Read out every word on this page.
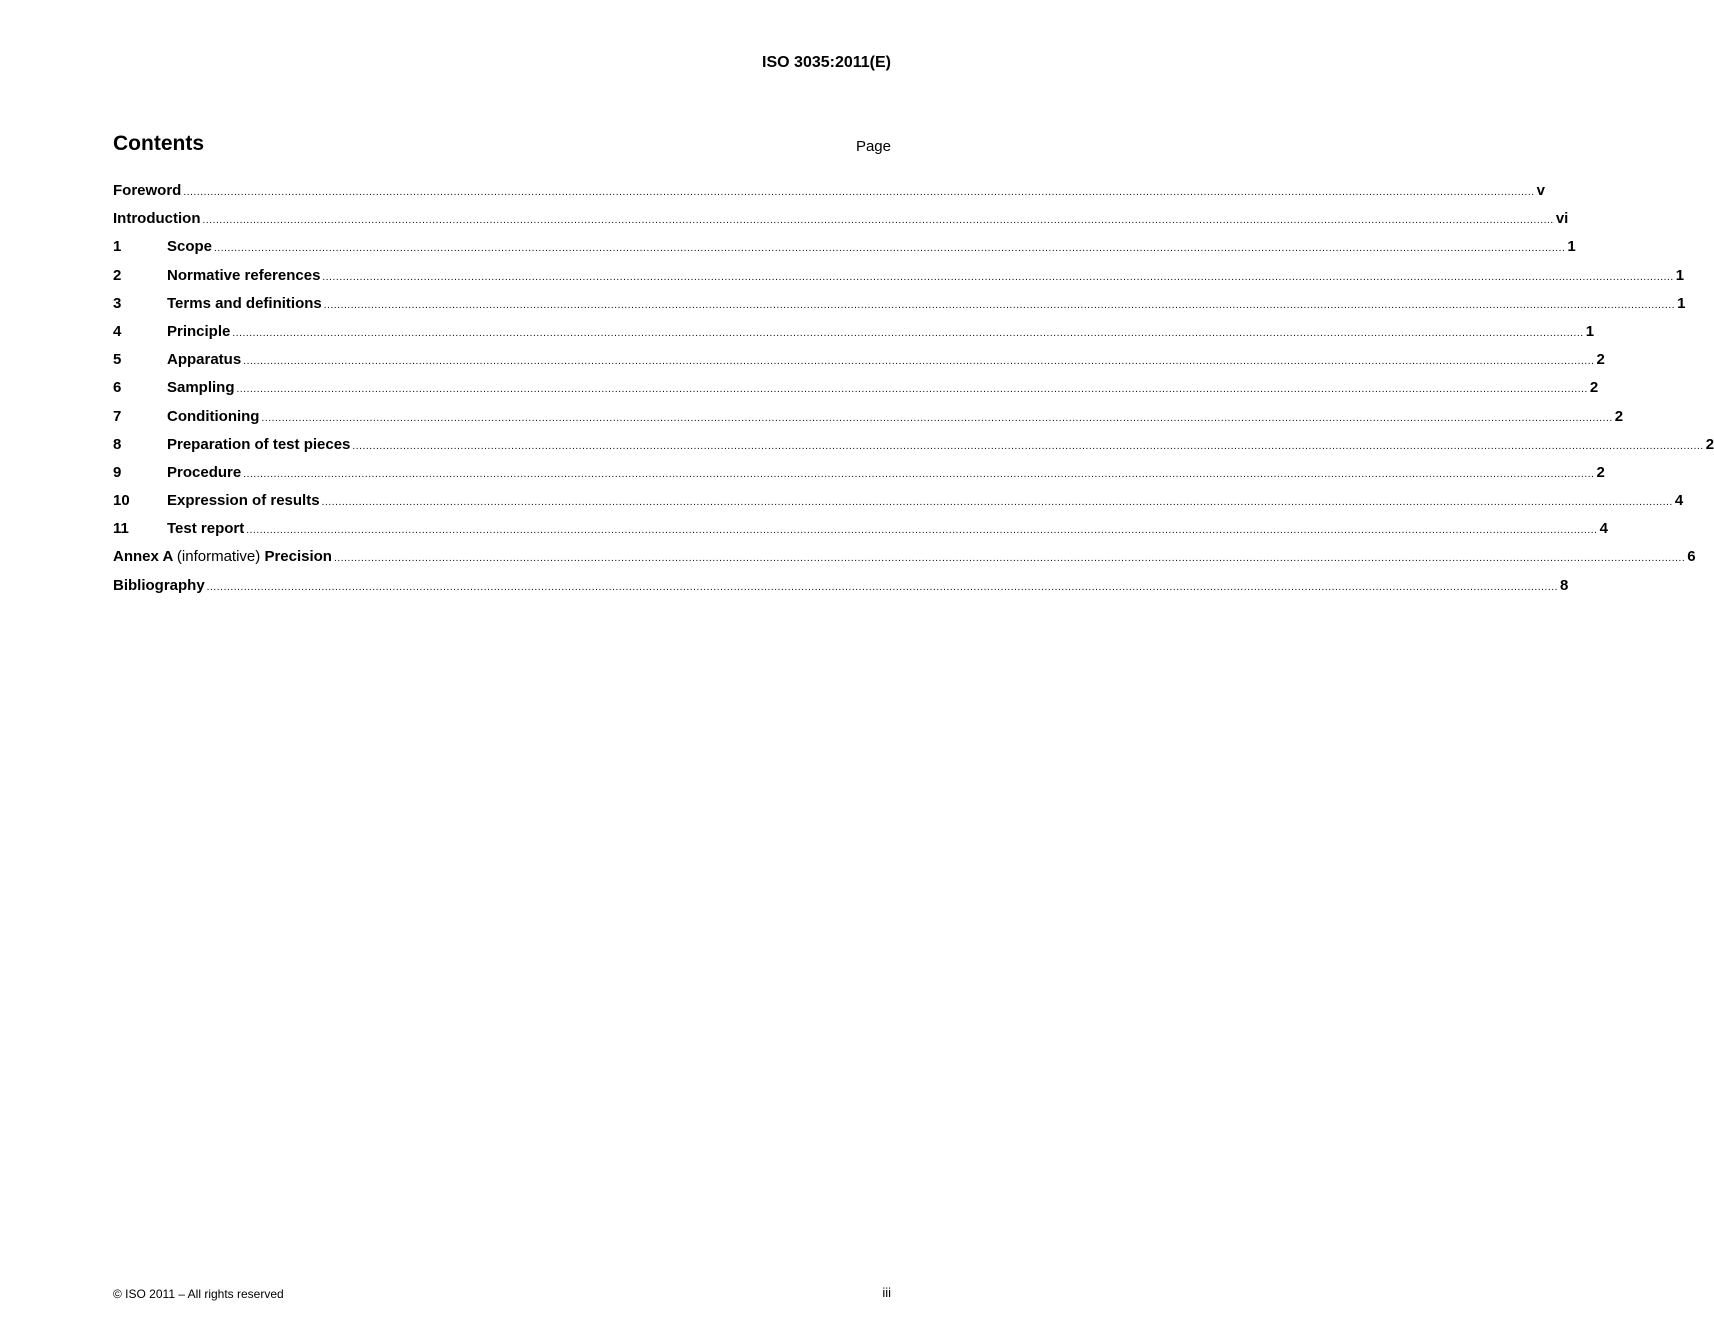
ISO 3035:2011(E)
Contents	Page
Foreword ................................................................................................................................................................................................................................................................................................................................................................................................................ v
Introduction ................................................................................................................................................................................................................................................................................................................................................................................................................ vi
1	Scope ................................................................................................................................................................................................................................................................................................................................................................................................................ 1
2	Normative references ................................................................................................................................................................................................................................................................................................................................................................................................................ 1
3	Terms and definitions ................................................................................................................................................................................................................................................................................................................................................................................................................ 1
4	Principle ................................................................................................................................................................................................................................................................................................................................................................................................................ 1
5	Apparatus ................................................................................................................................................................................................................................................................................................................................................................................................................ 2
6	Sampling ................................................................................................................................................................................................................................................................................................................................................................................................................ 2
7	Conditioning ................................................................................................................................................................................................................................................................................................................................................................................................................ 2
8	Preparation of test pieces ................................................................................................................................................................................................................................................................................................................................................................................................................ 2
9	Procedure ................................................................................................................................................................................................................................................................................................................................................................................................................ 2
10	Expression of results ................................................................................................................................................................................................................................................................................................................................................................................................................ 4
11	Test report ................................................................................................................................................................................................................................................................................................................................................................................................................ 4
Annex A (informative) Precision ................................................................................................................................................................................................................................................................................................................................................................................................................ 6
Bibliography ................................................................................................................................................................................................................................................................................................................................................................................................................ 8
© ISO 2011 – All rights reserved	iii
